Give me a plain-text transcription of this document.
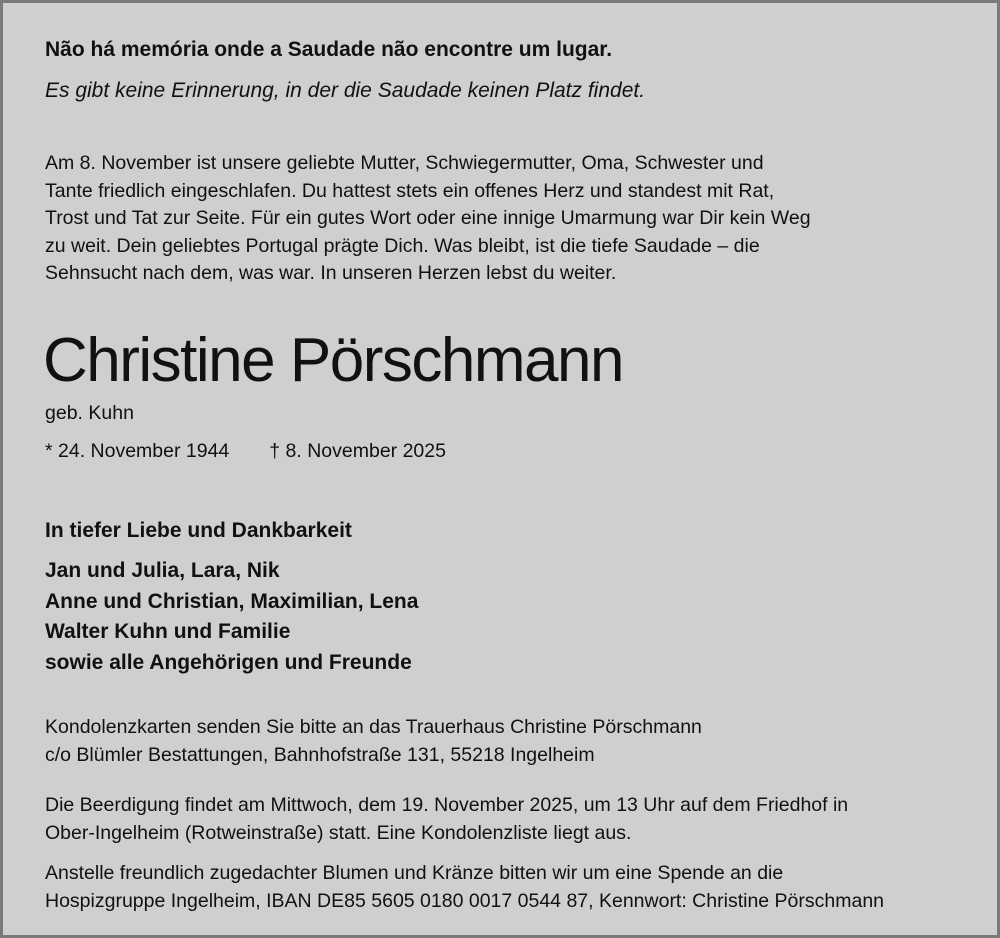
Não há memória onde a Saudade não encontre um lugar.

Es gibt keine Erinnerung, in der die Saudade keinen Platz findet.

Am 8. November ist unsere geliebte Mutter, Schwiegermutter, Oma, Schwester und
Tante friedlich eingeschlafen. Du hattest stets ein offenes Herz und standest mit Rat,
Trost und Tat zur Seite. Für ein gutes Wort oder eine innige Umarmung war Dir kein Weg
zu weit. Dein geliebtes Portugal prägte Dich. Was bleibt, ist die tiefe Saudade – die
Sehnsucht nach dem, was war. In unseren Herzen lebst du weiter.
Christine Pörschmann

geb. Kuhn

* 24. November 1944 † 8. November 2025

In tiefer Liebe und Dankbarkeit

Jan und Julia, Lara, Nik
Anne und Christian, Maximilian, Lena
Walter Kuhn und Familie
sowie alle Angehörigen und Freunde
Kondolenzkarten senden Sie bitte an das Trauerhaus Christine Pörschmann
c/o Blümler Bestattungen, Bahnhofstraße 131, 55218 Ingelheim
Die Beerdigung findet am Mittwoch, dem 19. November 2025, um 13 Uhr auf dem Friedhof in
Ober-Ingelheim (Rotweinstraße) statt. Eine Kondolenzliste liegt aus.
Anstelle freundlich zugedachter Blumen und Kränze bitten wir um eine Spende an die
Hospizgruppe Ingelheim, IBAN DE85 5605 0180 0017 0544 87, Kennwort: Christine Pörschmann
